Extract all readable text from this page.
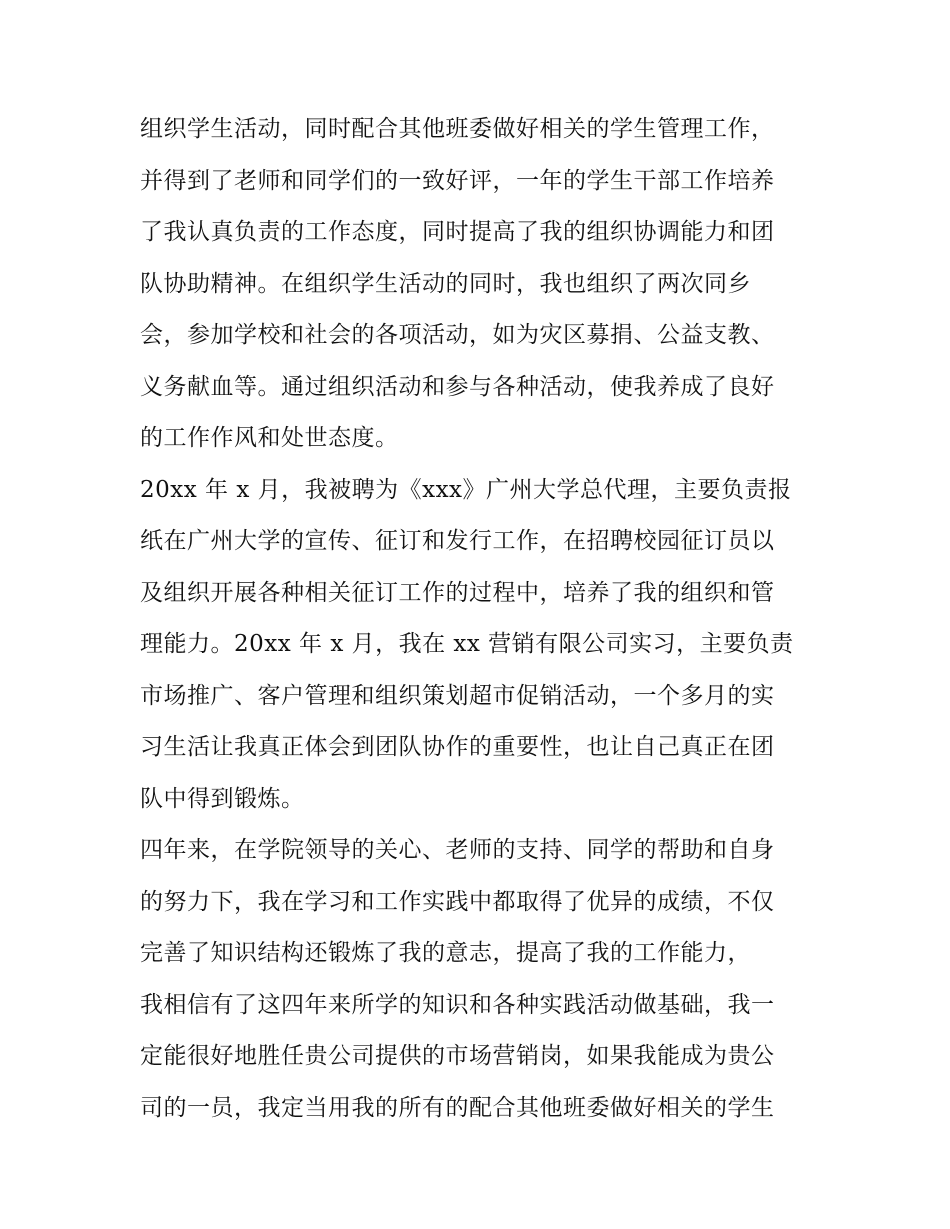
组织学生活动，同时配合其他班委做好相关的学生管理工作，
并得到了老师和同学们的一致好评，一年的学生干部工作培养
了我认真负责的工作态度，同时提高了我的组织协调能力和团
队协助精神。在组织学生活动的同时，我也组织了两次同乡
会，参加学校和社会的各项活动，如为灾区募捐、公益支教、
义务献血等。通过组织活动和参与各种活动，使我养成了良好
的工作作风和处世态度。
20xx 年 x 月，我被聘为《xxx》广州大学总代理，主要负责报
纸在广州大学的宣传、征订和发行工作，在招聘校园征订员以
及组织开展各种相关征订工作的过程中，培养了我的组织和管
理能力。20xx 年 x 月，我在 xx 营销有限公司实习，主要负责
市场推广、客户管理和组织策划超市促销活动，一个多月的实
习生活让我真正体会到团队协作的重要性，也让自己真正在团
队中得到锻炼。
四年来，在学院领导的关心、老师的支持、同学的帮助和自身
的努力下，我在学习和工作实践中都取得了优异的成绩，不仅
完善了知识结构还锻炼了我的意志，提高了我的工作能力，
我相信有了这四年来所学的知识和各种实践活动做基础，我一
定能很好地胜任贵公司提供的市场营销岗，如果我能成为贵公
司的一员，我定当用我的所有的配合其他班委做好相关的学生
